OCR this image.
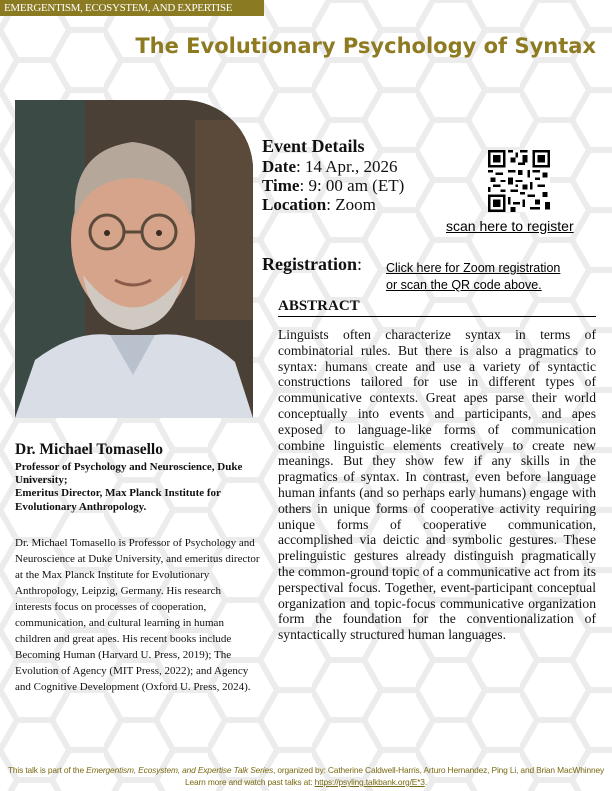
EMERGENTISM, ECOSYSTEM, AND EXPERTISE
The Evolutionary Psychology of Syntax
Event Details
Date: 14 Apr., 2026
Time: 9: 00 am (ET)
Location: Zoom
scan here to register
Registration: Click here for Zoom registration
or scan the QR code above.
ABSTRACT
Linguists often characterize syntax in terms of combinatorial rules. But there is also a pragmatics to syntax: humans create and use a variety of syntactic constructions tailored for use in different types of communicative contexts. Great apes parse their world conceptually into events and participants, and apes exposed to language-like forms of communication combine linguistic elements creatively to create new meanings. But they show few if any skills in the pragmatics of syntax. In contrast, even before language human infants (and so perhaps early humans) engage with others in unique forms of cooperative activity requiring unique forms of cooperative communication, accomplished via deictic and symbolic gestures. These prelinguistic gestures already distinguish pragmatically the common-ground topic of a communicative act from its perspectival focus. Together, event-participant conceptual organization and topic-focus communicative organization form the foundation for the conventionalization of syntactically structured human languages.
Dr. Michael Tomasello
Professor of Psychology and Neuroscience, Duke University;
Emeritus Director, Max Planck Institute for Evolutionary Anthropology.
Dr. Michael Tomasello is Professor of Psychology and Neuroscience at Duke University, and emeritus director at the Max Planck Institute for Evolutionary Anthropology, Leipzig, Germany. His research interests focus on processes of cooperation, communication, and cultural learning in human children and great apes. His recent books include Becoming Human (Harvard U. Press, 2019); The Evolution of Agency (MIT Press, 2022); and Agency and Cognitive Development (Oxford U. Press, 2024).
This talk is part of the Emergentism, Ecosystem, and Expertise Talk Series, organized by: Catherine Caldwell-Harris, Arturo Hernandez, Ping Li, and Brian MacWhinney
Learn more and watch past talks at: https://psyling.talkbank.org/E*3.
